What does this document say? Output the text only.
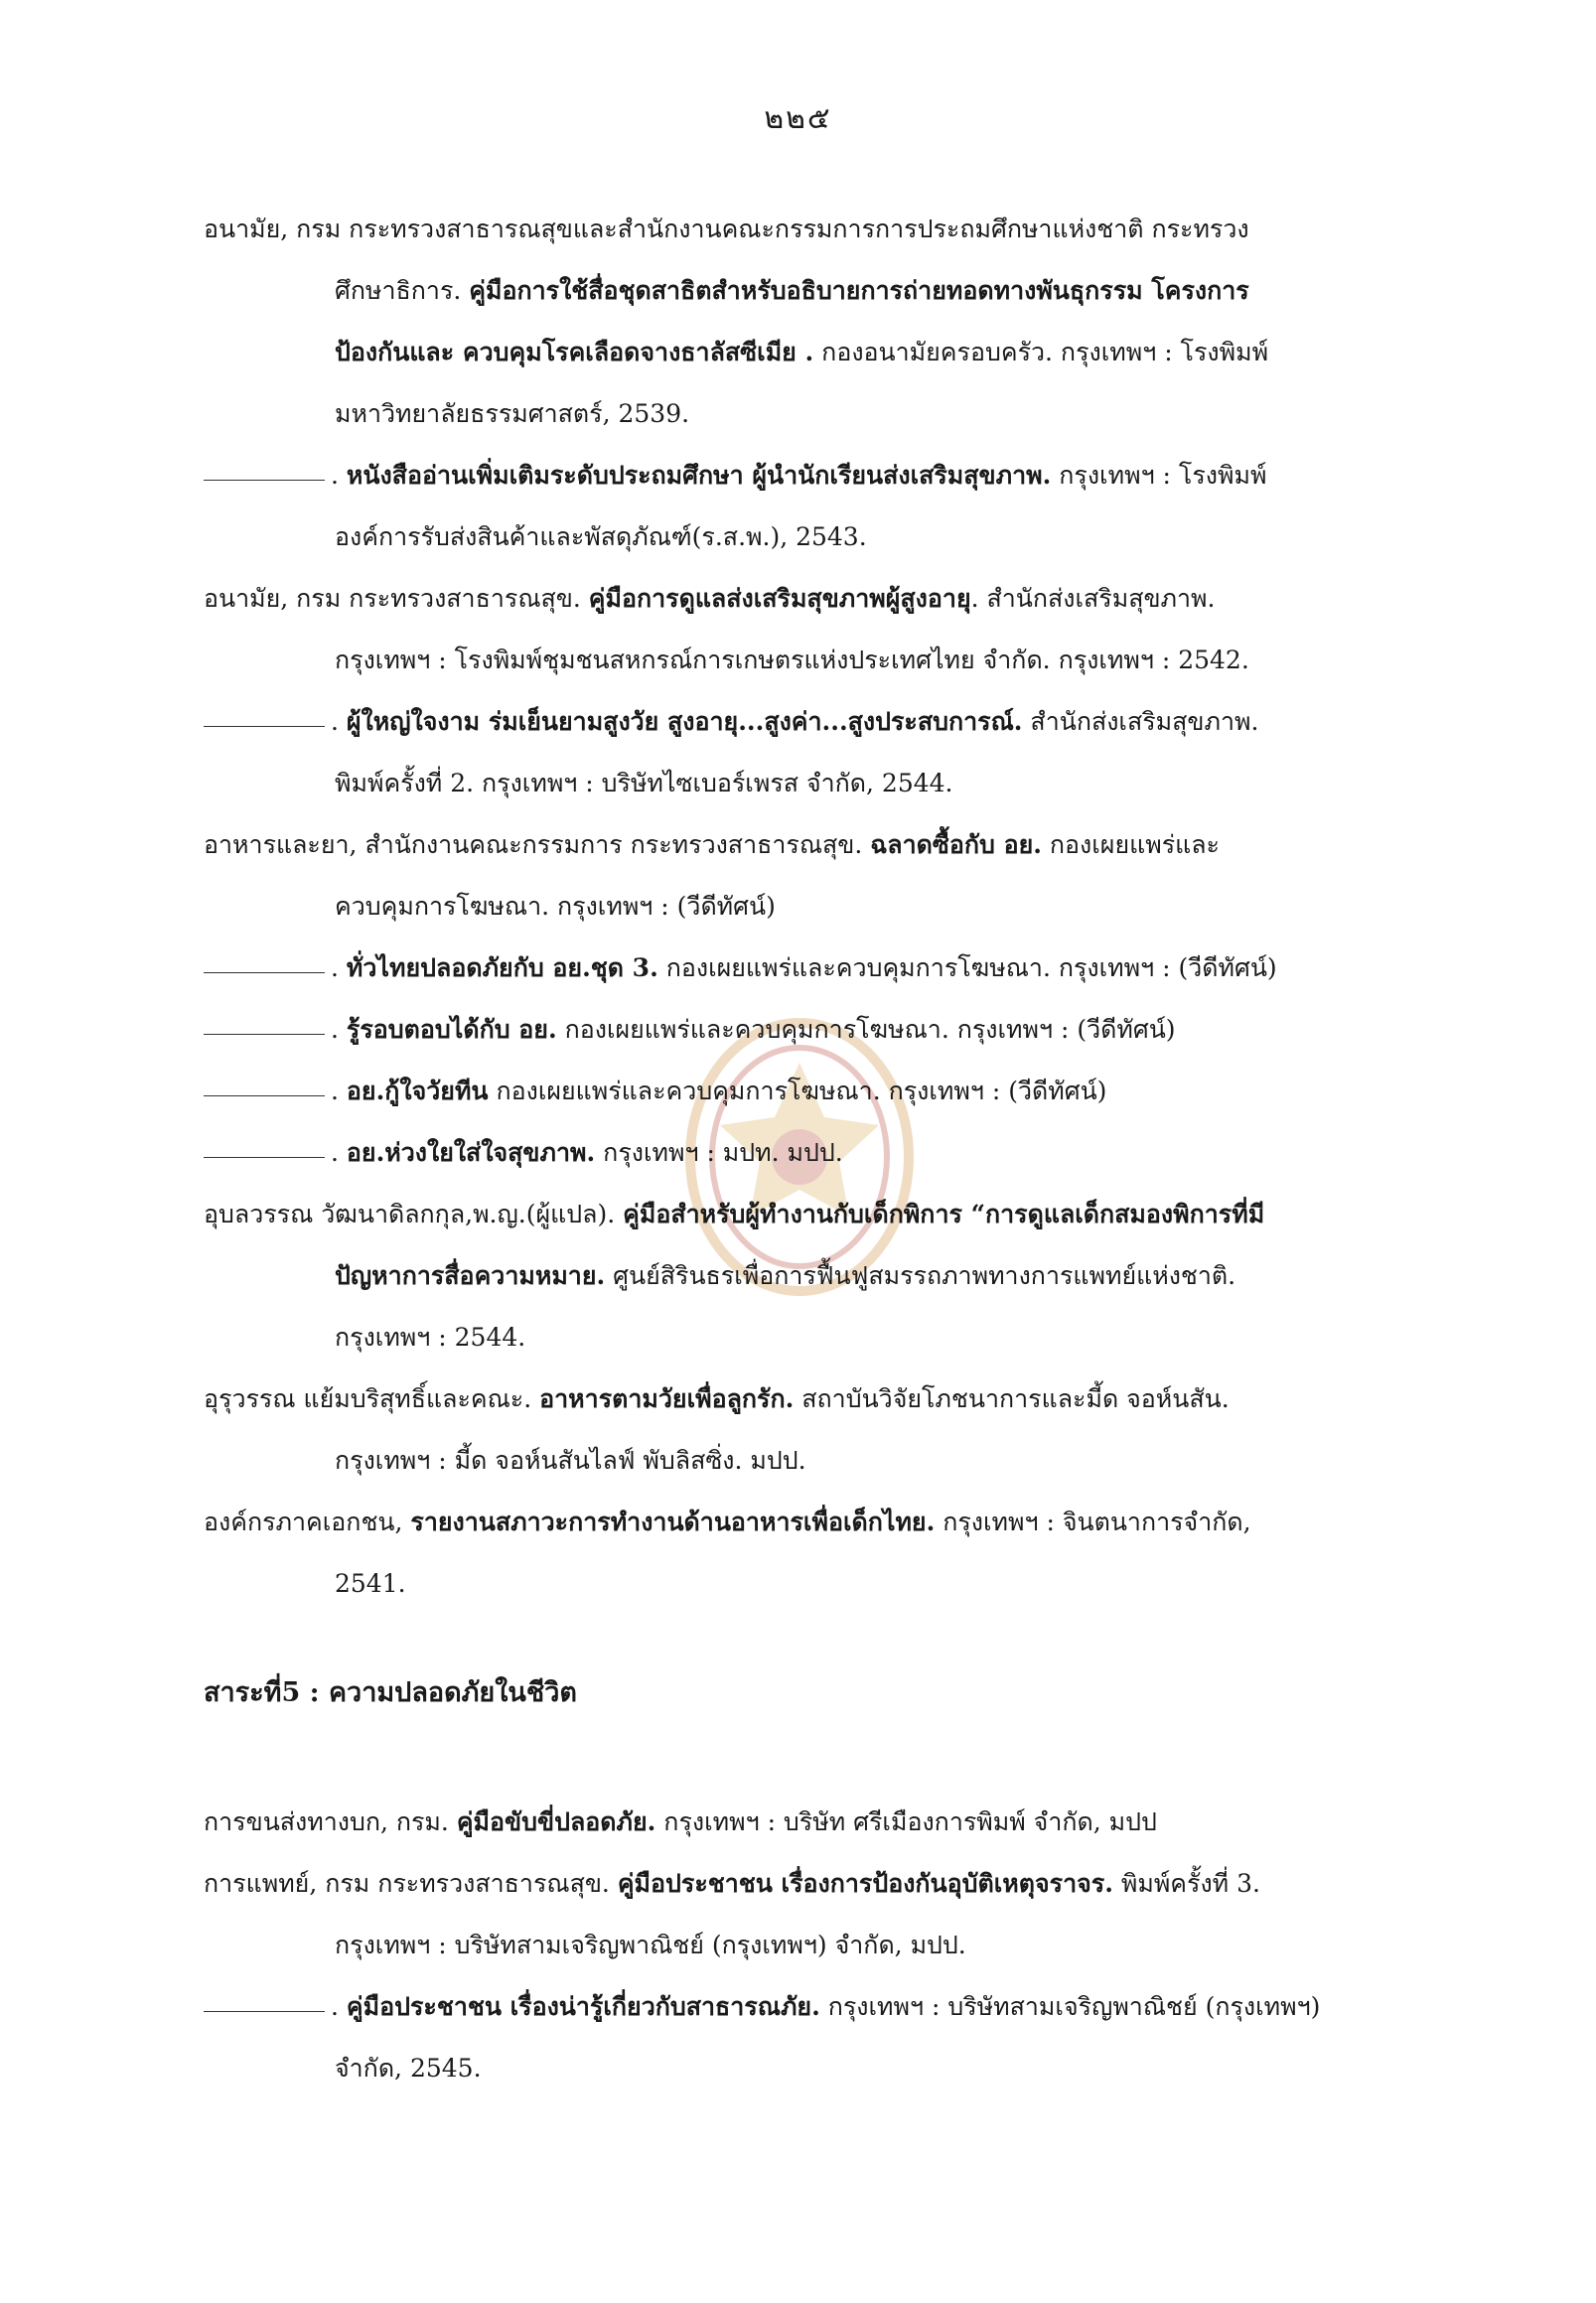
๒๒๕
อนามัย, กรม กระทรวงสาธารณสุขและสำนักงานคณะกรรมการการประถมศึกษาแห่งชาติ กระทรวง
ศึกษาธิการ. คู่มือการใช้สื่อชุดสาธิตสำหรับอธิบายการถ่ายทอดทางพันธุกรรม โครงการ
ป้องกันและ ควบคุมโรคเลือดจางธาลัสซีเมีย . กองอนามัยครอบครัว. กรุงเทพฯ : โรงพิมพ์
มหาวิทยาลัยธรรมศาสตร์, 2539.
. หนังสืออ่านเพิ่มเติมระดับประถมศึกษา ผู้นำนักเรียนส่งเสริมสุขภาพ. กรุงเทพฯ : โรงพิมพ์
องค์การรับส่งสินค้าและพัสดุภัณฑ์(ร.ส.พ.), 2543.
อนามัย, กรม กระทรวงสาธารณสุข. คู่มือการดูแลส่งเสริมสุขภาพผู้สูงอายุ. สำนักส่งเสริมสุขภาพ.
กรุงเทพฯ : โรงพิมพ์ชุมชนสหกรณ์การเกษตรแห่งประเทศไทย จำกัด. กรุงเทพฯ : 2542.
. ผู้ใหญ่ใจงาม ร่มเย็นยามสูงวัย สูงอายุ...สูงค่า...สูงประสบการณ์. สำนักส่งเสริมสุขภาพ.
พิมพ์ครั้งที่ 2. กรุงเทพฯ : บริษัทไซเบอร์เพรส จำกัด, 2544.
อาหารและยา, สำนักงานคณะกรรมการ กระทรวงสาธารณสุข. ฉลาดซื้อกับ อย. กองเผยแพร่และ
ควบคุมการโฆษณา. กรุงเทพฯ : (วีดีทัศน์)
. ทั่วไทยปลอดภัยกับ อย.ชุด 3. กองเผยแพร่และควบคุมการโฆษณา. กรุงเทพฯ : (วีดีทัศน์)
. รู้รอบตอบได้กับ อย. กองเผยแพร่และควบคุมการโฆษณา. กรุงเทพฯ : (วีดีทัศน์)
. อย.กู้ใจวัยทีน กองเผยแพร่และควบคุมการโฆษณา. กรุงเทพฯ : (วีดีทัศน์)
. อย.ห่วงใยใส่ใจสุขภาพ. กรุงเทพฯ : มปท. มปป.
อุบลวรรณ วัฒนาดิลกกุล,พ.ญ.(ผู้แปล). คู่มือสำหรับผู้ทำงานกับเด็กพิการ “การดูแลเด็กสมองพิการที่มี
ปัญหาการสื่อความหมาย. ศูนย์สิรินธรเพื่อการฟื้นฟูสมรรถภาพทางการแพทย์แห่งชาติ.
กรุงเทพฯ : 2544.
อุรุวรรณ แย้มบริสุทธิ์และคณะ. อาหารตามวัยเพื่อลูกรัก. สถาบันวิจัยโภชนาการและมี้ด จอห์นสัน.
กรุงเทพฯ : มี้ด จอห์นสันไลฟ์ พับลิสซิ่ง. มปป.
องค์กรภาคเอกชน, รายงานสภาวะการทำงานด้านอาหารเพื่อเด็กไทย. กรุงเทพฯ : จินตนาการจำกัด,
2541.
สาระที่5 : ความปลอดภัยในชีวิต
การขนส่งทางบก, กรม. คู่มือขับขี่ปลอดภัย. กรุงเทพฯ : บริษัท ศรีเมืองการพิมพ์ จำกัด, มปป
การแพทย์, กรม กระทรวงสาธารณสุข. คู่มือประชาชน เรื่องการป้องกันอุบัติเหตุจราจร. พิมพ์ครั้งที่ 3.
กรุงเทพฯ : บริษัทสามเจริญพาณิชย์ (กรุงเทพฯ) จำกัด, มปป.
. คู่มือประชาชน เรื่องน่ารู้เกี่ยวกับสาธารณภัย. กรุงเทพฯ : บริษัทสามเจริญพาณิชย์ (กรุงเทพฯ)
จำกัด, 2545.
